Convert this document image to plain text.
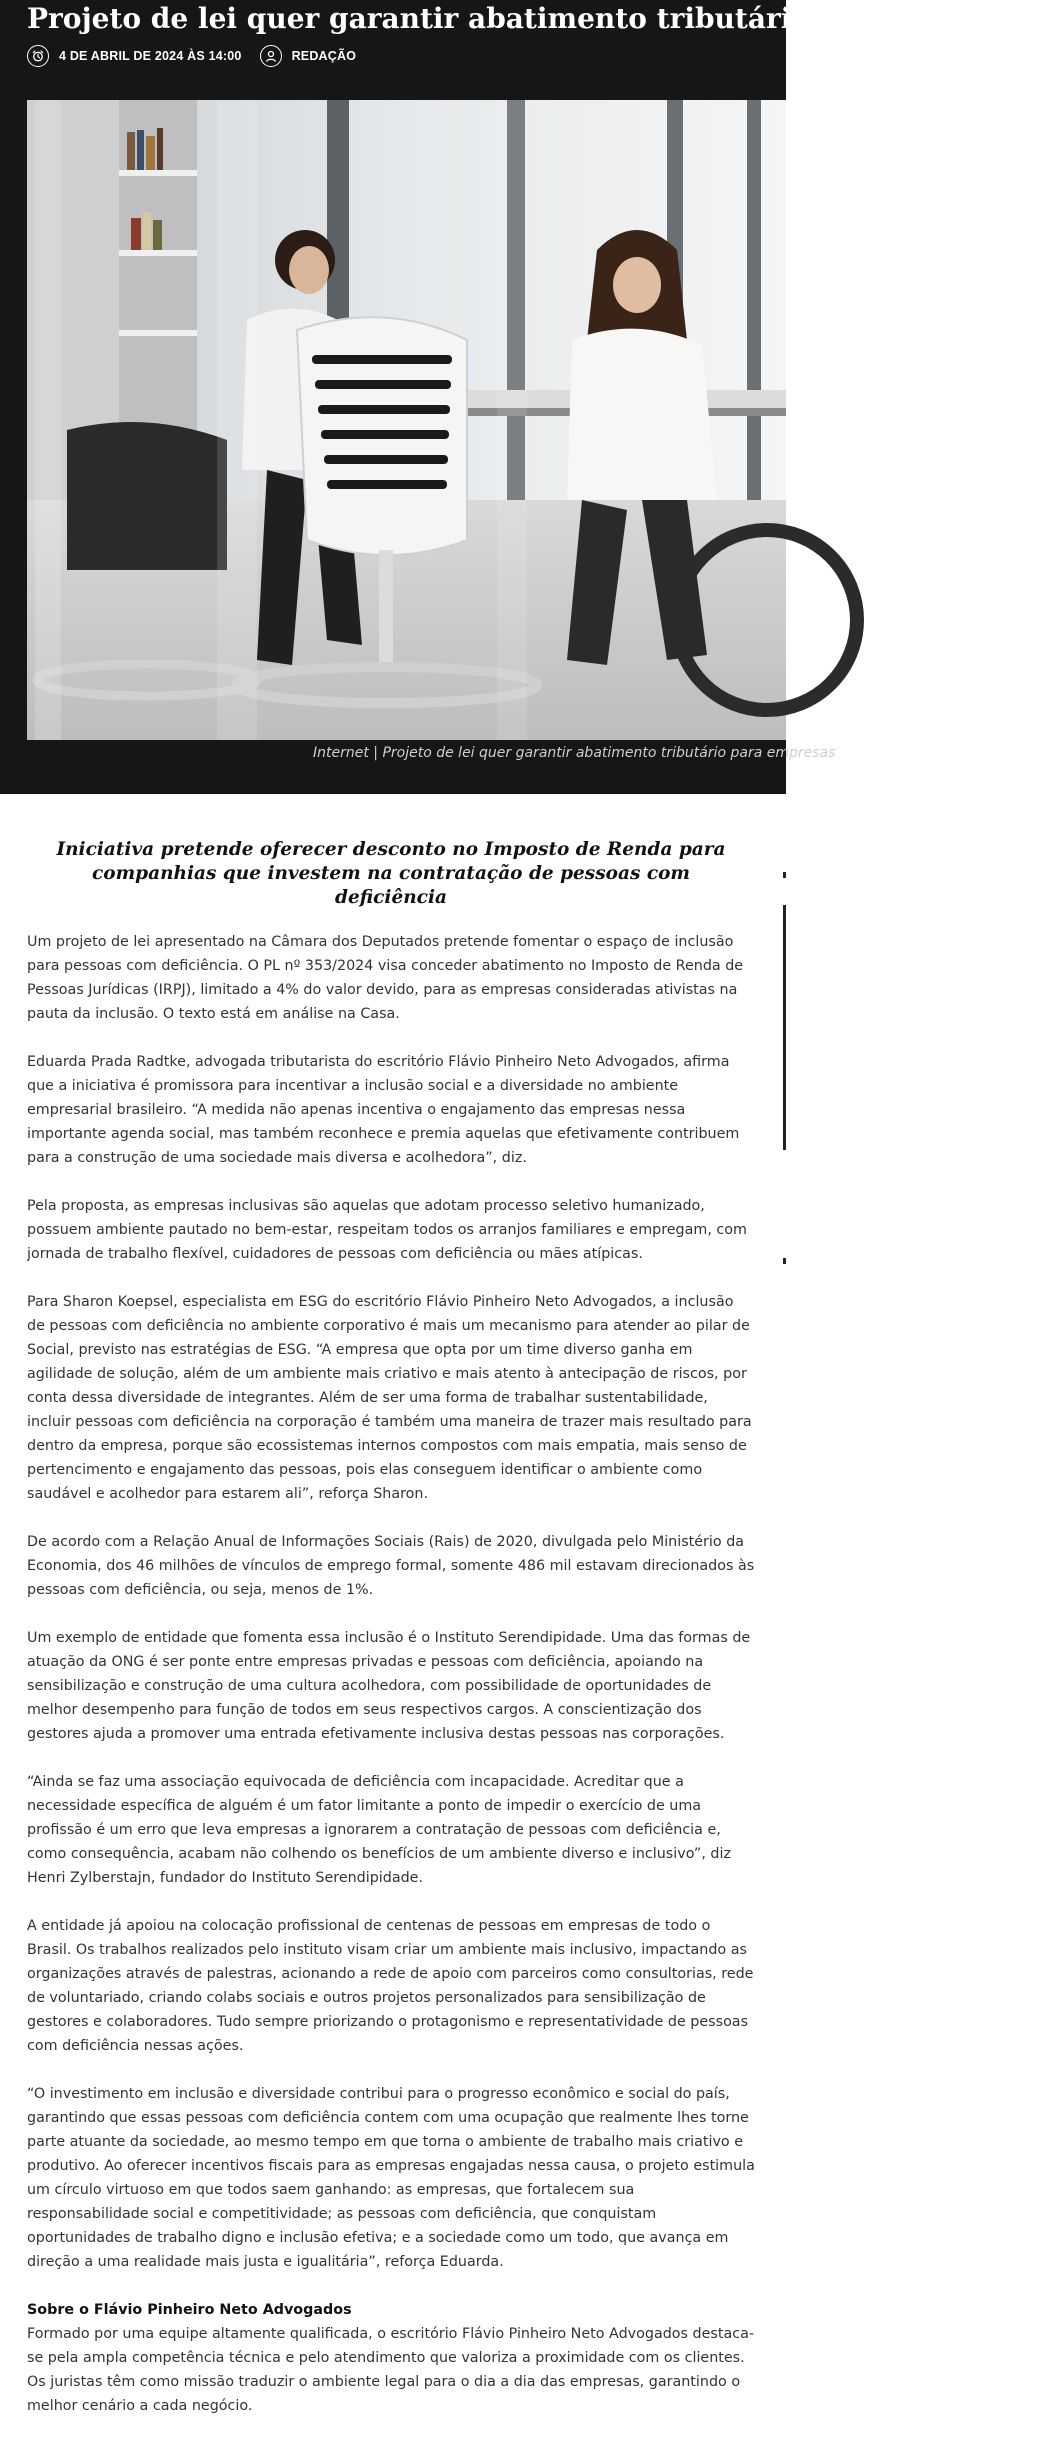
Projeto de lei quer garantir abatimento tributário para empresas
4 DE ABRIL DE 2024 ÀS 14:00	REDAÇÃO
Internet | Projeto de lei quer garantir abatimento tributário para empresas
Iniciativa pretende oferecer desconto no Imposto de Renda para companhias que investem na contratação de pessoas com deficiência

Um projeto de lei apresentado na Câmara dos Deputados pretende fomentar o espaço de inclusão para pessoas com deficiência. O PL nº 353/2024 visa conceder abatimento no Imposto de Renda de Pessoas Jurídicas (IRPJ), limitado a 4% do valor devido, para as empresas consideradas ativistas na pauta da inclusão. O texto está em análise na Casa.

Eduarda Prada Radtke, advogada tributarista do escritório Flávio Pinheiro Neto Advogados, afirma que a iniciativa é promissora para incentivar a inclusão social e a diversidade no ambiente empresarial brasileiro. “A medida não apenas incentiva o engajamento das empresas nessa importante agenda social, mas também reconhece e premia aquelas que efetivamente contribuem para a construção de uma sociedade mais diversa e acolhedora”, diz.

Pela proposta, as empresas inclusivas são aquelas que adotam processo seletivo humanizado, possuem ambiente pautado no bem-estar, respeitam todos os arranjos familiares e empregam, com jornada de trabalho flexível, cuidadores de pessoas com deficiência ou mães atípicas.

Para Sharon Koepsel, especialista em ESG do escritório Flávio Pinheiro Neto Advogados, a inclusão de pessoas com deficiência no ambiente corporativo é mais um mecanismo para atender ao pilar de Social, previsto nas estratégias de ESG. “A empresa que opta por um time diverso ganha em agilidade de solução, além de um ambiente mais criativo e mais atento à antecipação de riscos, por conta dessa diversidade de integrantes. Além de ser uma forma de trabalhar sustentabilidade, incluir pessoas com deficiência na corporação é também uma maneira de trazer mais resultado para dentro da empresa, porque são ecossistemas internos compostos com mais empatia, mais senso de pertencimento e engajamento das pessoas, pois elas conseguem identificar o ambiente como saudável e acolhedor para estarem ali”, reforça Sharon.

De acordo com a Relação Anual de Informações Sociais (Rais) de 2020, divulgada pelo Ministério da Economia, dos 46 milhões de vínculos de emprego formal, somente 486 mil estavam direcionados às pessoas com deficiência, ou seja, menos de 1%.

Um exemplo de entidade que fomenta essa inclusão é o Instituto Serendipidade. Uma das formas de atuação da ONG é ser ponte entre empresas privadas e pessoas com deficiência, apoiando na sensibilização e construção de uma cultura acolhedora, com possibilidade de oportunidades de melhor desempenho para função de todos em seus respectivos cargos. A conscientização dos gestores ajuda a promover uma entrada efetivamente inclusiva destas pessoas nas corporações.

“Ainda se faz uma associação equivocada de deficiência com incapacidade. Acreditar que a necessidade específica de alguém é um fator limitante a ponto de impedir o exercício de uma profissão é um erro que leva empresas a ignorarem a contratação de pessoas com deficiência e, como consequência, acabam não colhendo os benefícios de um ambiente diverso e inclusivo”, diz Henri Zylberstajn, fundador do Instituto Serendipidade.

A entidade já apoiou na colocação profissional de centenas de pessoas em empresas de todo o Brasil. Os trabalhos realizados pelo instituto visam criar um ambiente mais inclusivo, impactando as organizações através de palestras, acionando a rede de apoio com parceiros como consultorias, rede de voluntariado, criando colabs sociais e outros projetos personalizados para sensibilização de gestores e colaboradores. Tudo sempre priorizando o protagonismo e representatividade de pessoas com deficiência nessas ações.

“O investimento em inclusão e diversidade contribui para o progresso econômico e social do país, garantindo que essas pessoas com deficiência contem com uma ocupação que realmente lhes torne parte atuante da sociedade, ao mesmo tempo em que torna o ambiente de trabalho mais criativo e produtivo. Ao oferecer incentivos fiscais para as empresas engajadas nessa causa, o projeto estimula um círculo virtuoso em que todos saem ganhando: as empresas, que fortalecem sua responsabilidade social e competitividade; as pessoas com deficiência, que conquistam oportunidades de trabalho digno e inclusão efetiva; e a sociedade como um todo, que avança em direção a uma realidade mais justa e igualitária”, reforça Eduarda.

Sobre o Flávio Pinheiro Neto Advogados
Formado por uma equipe altamente qualificada, o escritório Flávio Pinheiro Neto Advogados destaca-se pela ampla competência técnica e pelo atendimento que valoriza a proximidade com os clientes. Os juristas têm como missão traduzir o ambiente legal para o dia a dia das empresas, garantindo o melhor cenário a cada negócio.
